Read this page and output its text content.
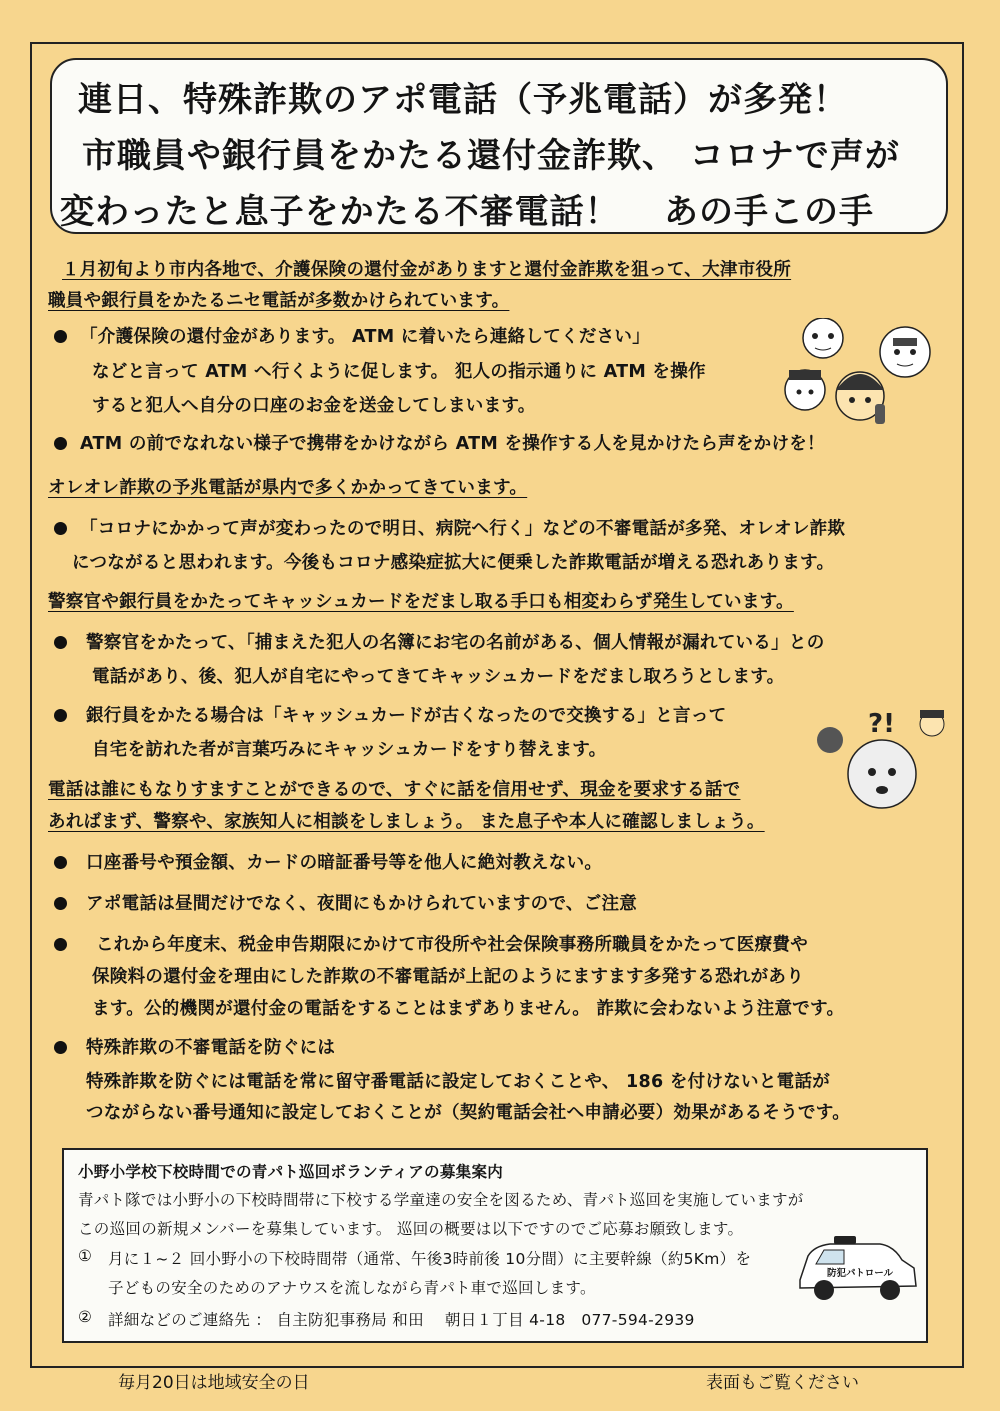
連日、特殊詐欺のアポ電話（予兆電話）が多発！
市職員や銀行員をかたる還付金詐欺、 コロナで声が
変わったと息子をかたる不審電話！ あの手この手
１月初旬より市内各地で、介護保険の還付金がありますと還付金詐欺を狙って、大津市役所
職員や銀行員をかたるニセ電話が多数かけられています。
「介護保険の還付金があります。 ATM に着いたら連絡してください」
などと言って ATM へ行くように促します。 犯人の指示通りに ATM を操作
すると犯人へ自分の口座のお金を送金してしまいます。
ATM の前でなれない様子で携帯をかけながら ATM を操作する人を見かけたら声をかけを！
オレオレ詐欺の予兆電話が県内で多くかかってきています。
「コロナにかかって声が変わったので明日、病院へ行く」などの不審電話が多発、オレオレ詐欺
につながると思われます。今後もコロナ感染症拡大に便乗した詐欺電話が増える恐れあります。
警察官や銀行員をかたってキャッシュカードをだまし取る手口も相変わらず発生しています。
警察官をかたって、「捕まえた犯人の名簿にお宅の名前がある、個人情報が漏れている」との
電話があり、後、犯人が自宅にやってきてキャッシュカードをだまし取ろうとします。
銀行員をかたる場合は「キャッシュカードが古くなったので交換する」と言って
自宅を訪れた者が言葉巧みにキャッシュカードをすり替えます。
?!
電話は誰にもなりすますことができるので、すぐに話を信用せず、現金を要求する話で
あればまず、警察や、家族知人に相談をしましょう。 また息子や本人に確認しましょう。
口座番号や預金額、カードの暗証番号等を他人に絶対教えない。
アポ電話は昼間だけでなく、夜間にもかけられていますので、ご注意
これから年度末、税金申告期限にかけて市役所や社会保険事務所職員をかたって医療費や
保険料の還付金を理由にした詐欺の不審電話が上記のようにますます多発する恐れがあり
ます。公的機関が還付金の電話をすることはまずありません。 詐欺に会わないよう注意です。
特殊詐欺の不審電話を防ぐには
特殊詐欺を防ぐには電話を常に留守番電話に設定しておくことや、 186 を付けないと電話が
つながらない番号通知に設定しておくことが（契約電話会社へ申請必要）効果があるそうです。
小野小学校下校時間での青パト巡回ボランティアの募集案内
青パト隊では小野小の下校時間帯に下校する学童達の安全を図るため、青パト巡回を実施していますが
この巡回の新規メンバーを募集しています。 巡回の概要は以下ですのでご応募お願致します。
① 月に１~２ 回小野小の下校時間帯（通常、午後3時前後 10分間）に主要幹線（約5Km）を
子どもの安全のためのアナウスを流しながら青パト車で巡回します。
② 詳細などのご連絡先 ： 自主防犯事務局 和田　 朝日１丁目 4-18　077-594-2939
防犯パトロール
毎月20日は地域安全の日	表面もご覧ください
